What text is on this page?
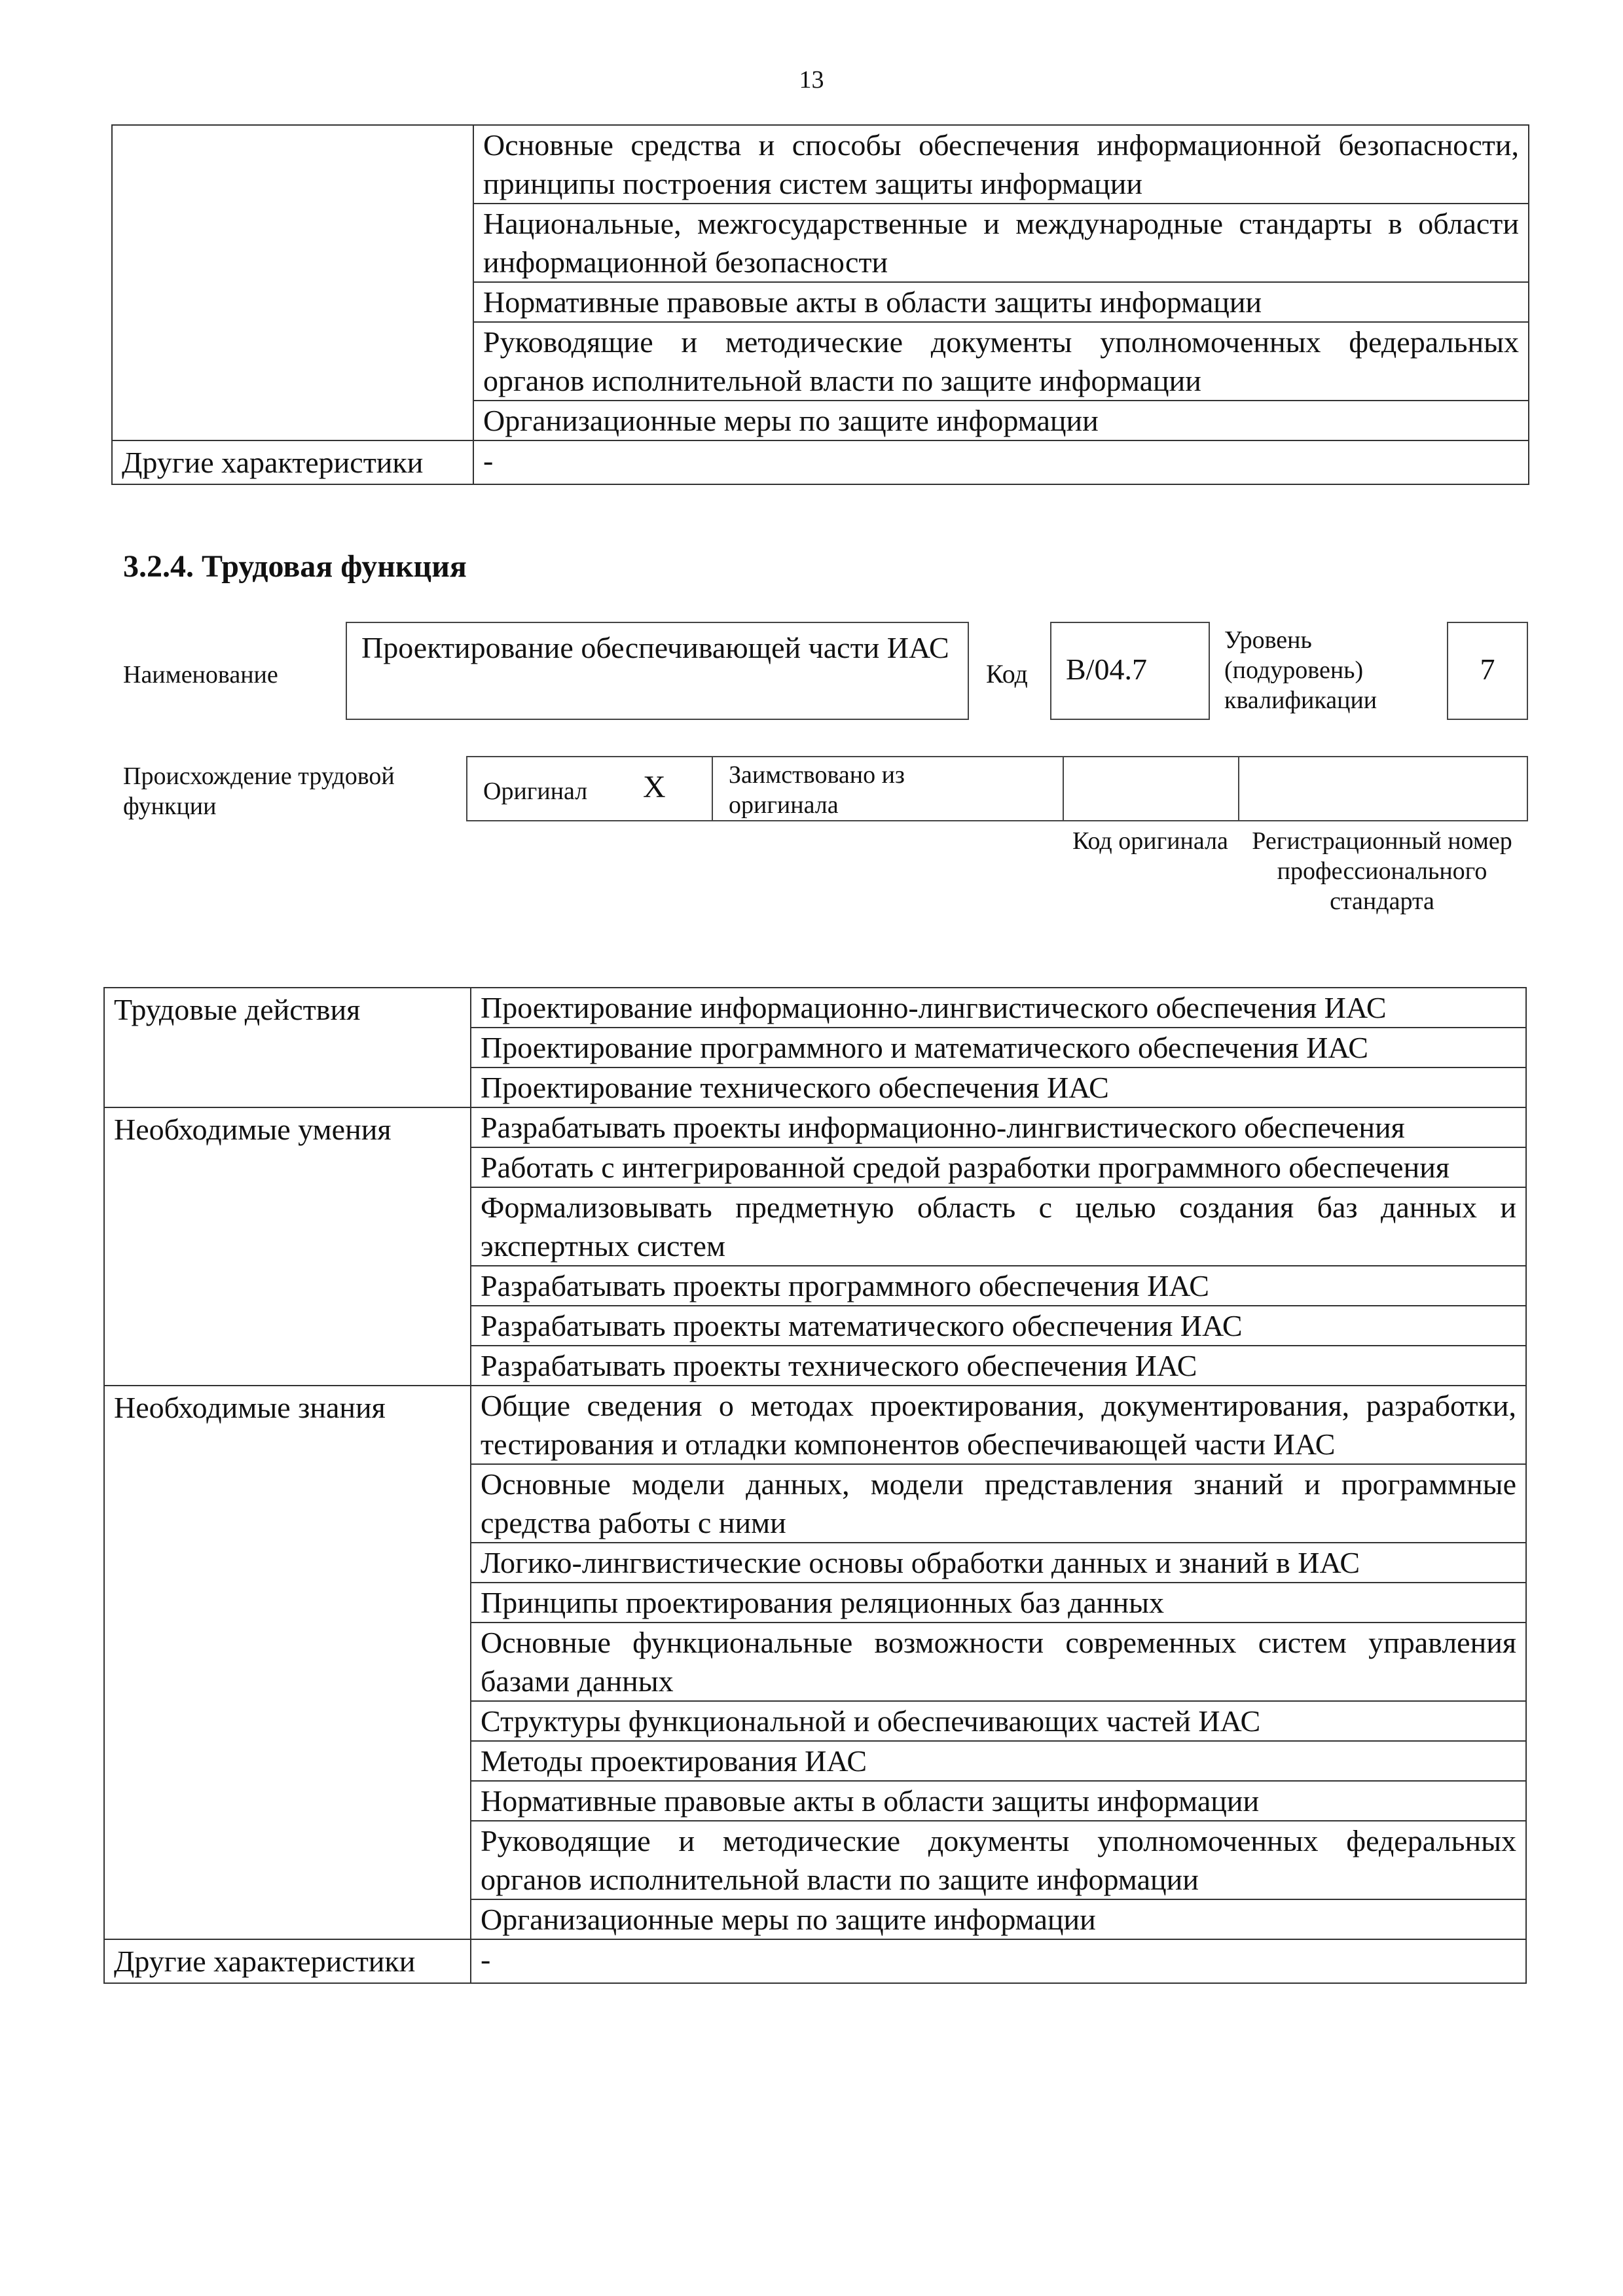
13
	Основные средства и способы обеспечения информационной безопасности, принципы построения систем защиты информации
	Национальные, межгосударственные и международные стандарты в области информационной безопасности
	Нормативные правовые акты в области защиты информации
	Руководящие и методические документы уполномоченных федеральных органов исполнительной власти по защите информации
	Организационные меры по защите информации
Другие характеристики	-
3.2.4. Трудовая функция
Наименование
Проектирование обеспечивающей части ИАС
Код B/04.7
Уровень (подуровень) квалификации
7
Происхождение трудовой функции
Оригинал X	Заимствовано из оригинала
Код оригинала Регистрационный номер профессионального стандарта
Трудовые действия	Проектирование информационно-лингвистического обеспечения ИАС
	Проектирование программного и математического обеспечения ИАС
	Проектирование технического обеспечения ИАС
Необходимые умения	Разрабатывать проекты информационно-лингвистического обеспечения
	Работать с интегрированной средой разработки программного обеспечения
	Формализовывать предметную область с целью создания баз данных и экспертных систем
	Разрабатывать проекты программного обеспечения ИАС
	Разрабатывать проекты математического обеспечения ИАС
	Разрабатывать проекты технического обеспечения ИАС
Необходимые знания	Общие сведения о методах проектирования, документирования, разработки, тестирования и отладки компонентов обеспечивающей части ИАС
	Основные модели данных, модели представления знаний и программные средства работы с ними
	Логико-лингвистические основы обработки данных и знаний в ИАС
	Принципы проектирования реляционных баз данных
	Основные функциональные возможности современных систем управления базами данных
	Структуры функциональной и обеспечивающих частей ИАС
	Методы проектирования ИАС
	Нормативные правовые акты в области защиты информации
	Руководящие и методические документы уполномоченных федеральных органов исполнительной власти по защите информации
	Организационные меры по защите информации
Другие характеристики	-
